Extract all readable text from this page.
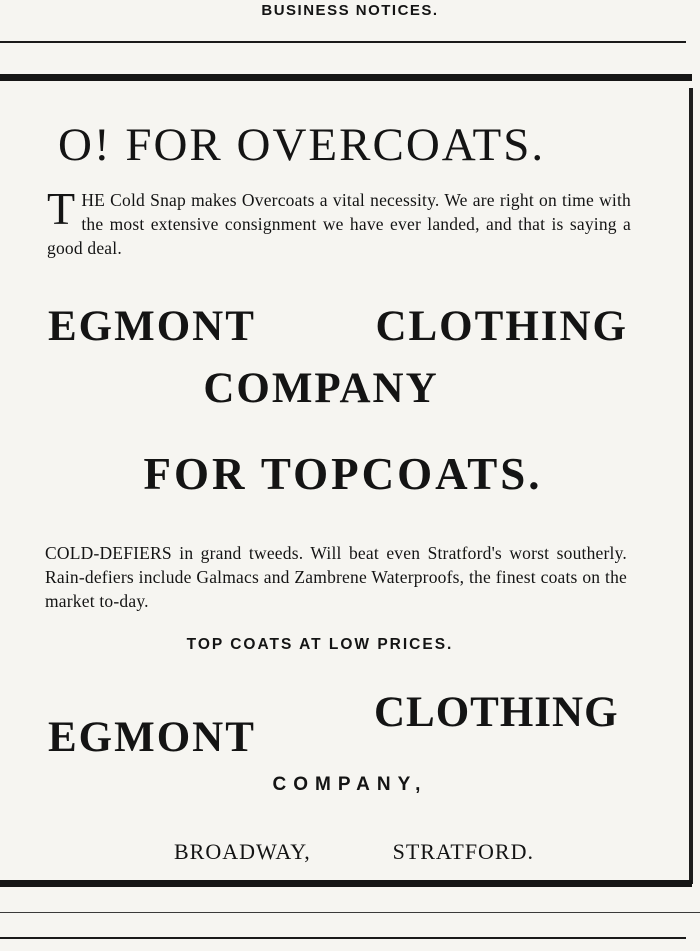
BUSINESS NOTICES.
O! FOR OVERCOATS.
THE Cold Snap makes Overcoats a vital necessity. We are right on time with the most extensive consignment we have ever landed, and that is saying a good deal.
EGMONT	CLOTHING
COMPANY
FOR TOPCOATS.
COLD-DEFIERS in grand tweeds. Will beat even Stratford's worst southerly. Rain-defiers include Galmacs and Zambrene Waterproofs, the finest coats on the market to-day.
TOP COATS AT LOW PRICES.
EGMONT
CLOTHING
COMPANY,
BROADWAY,	STRATFORD.
